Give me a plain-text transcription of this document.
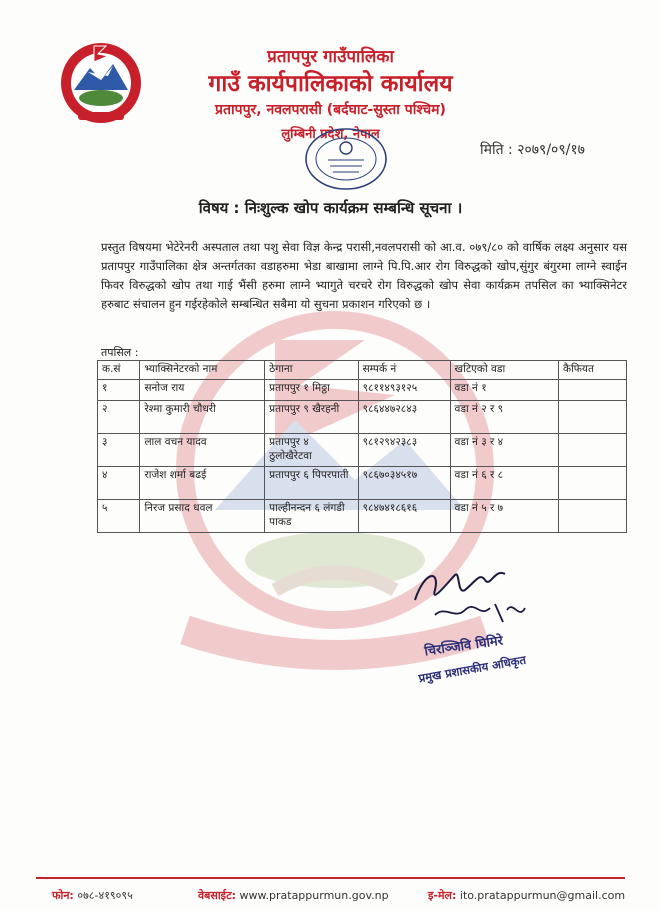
प्रतापपुर गाउँपालिका
गाउँ कार्यपालिकाको कार्यालय
प्रतापपुर, नवलपरासी (बर्दघाट-सुस्ता पश्चिम)
लुम्बिनी प्रदेश, नेपाल
मिति : २०७९/०९/१७
विषय : निःशुल्क खोप कार्यक्रम सम्बन्धि सूचना ।
प्रस्तुत विषयमा भेटेरेनरी अस्पताल तथा पशु सेवा विज्ञ केन्द्र परासी,नवलपरासी को आ.व. ०७९/८० को वार्षिक लक्ष्य अनुसार यस प्रतापपुर गाउँपालिका क्षेत्र अन्तर्गतका वडाहरुमा भेडा बाखामा लाग्ने पि.पि.आर रोग विरुद्धको खोप,सुंगुर बंगुरमा लाग्ने स्वाईन फिवर विरुद्धको खोप तथा गाई भैंसी हरुमा लाग्ने भ्यागुते चरचरे रोग विरुद्धको खोप सेवा कार्यक्रम तपसिल का भ्याक्सिनेटर हरुबाट संचालन हुन गईरहेकोले सम्बन्धित सबैमा यो सुचना प्रकाशन गरिएको छ ।
तपसिल :
क.सं	भ्याक्सिनेटरको नाम	ठेगाना	सम्पर्क नं	खटिएको वडा	कैफियत
१	सनोज राय	प्रतापपुर १ मिठ्ठा	९८११४९३१२५	वडा नं १	
२	रेश्मा कुमारी चौधरी	प्रतापपुर ९ खैरहनी	९८६४४७२८४३	वडा नं २ र ९	
३	लाल वचन यादव	प्रतापपुर ४ ठुलोखैरेटवा	९८१२९४२३८३	वडा नं ३ र ४	
४	राजेश शर्मा बढई	प्रतापपुर ६ पिपरपाती	९८६७०३४५१७	वडा नं ६ र ८	
५	निरज प्रसाद धवल	पाल्हीनन्दन ६ लंगडी पाकड	९८४७४१८६१६	वडा नं ५ र ७	
चिरञ्जिवि घिमिरे
प्रमुख प्रशासकीय अधिकृत
फोन: ०७८-४१९०९५	वेबसाईट: www.pratappurmun.gov.np	इ-मेल: ito.pratappurmun@gmail.com
